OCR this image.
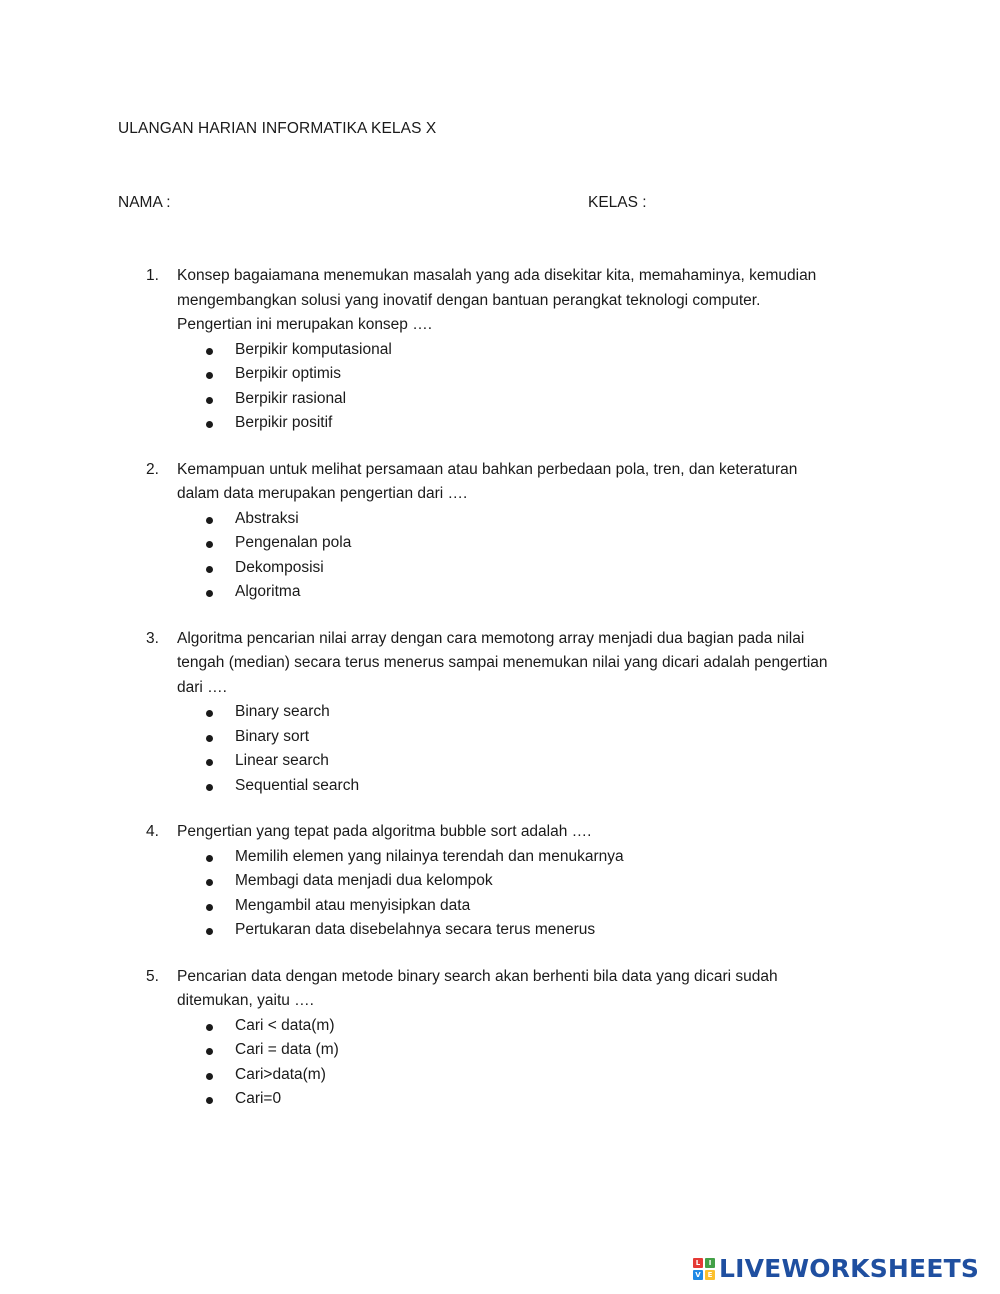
ULANGAN HARIAN INFORMATIKA KELAS X
NAMA :	KELAS :
1. Konsep bagaiamana menemukan masalah yang ada disekitar kita, memahaminya, kemudian
mengembangkan solusi yang inovatif dengan bantuan perangkat teknologi computer.
Pengertian ini merupakan konsep ….
Berpikir komputasional
Berpikir optimis
Berpikir rasional
Berpikir positif
2. Kemampuan untuk melihat persamaan atau bahkan perbedaan pola, tren, dan keteraturan
dalam data merupakan pengertian dari ….
Abstraksi
Pengenalan pola
Dekomposisi
Algoritma
3. Algoritma pencarian nilai array dengan cara memotong array menjadi dua bagian pada nilai
tengah (median) secara terus menerus sampai menemukan nilai yang dicari adalah pengertian
dari ….
Binary search
Binary sort
Linear search
Sequential search
4. Pengertian yang tepat pada algoritma bubble sort adalah ….
Memilih elemen yang nilainya terendah dan menukarnya
Membagi data menjadi dua kelompok
Mengambil atau menyisipkan data
Pertukaran data disebelahnya secara terus menerus
5. Pencarian data dengan metode binary search akan berhenti bila data yang dicari sudah
ditemukan, yaitu ….
Cari < data(m)
Cari = data (m)
Cari>data(m)
Cari=0
L	I
V E LIVEWORKSHEETS
